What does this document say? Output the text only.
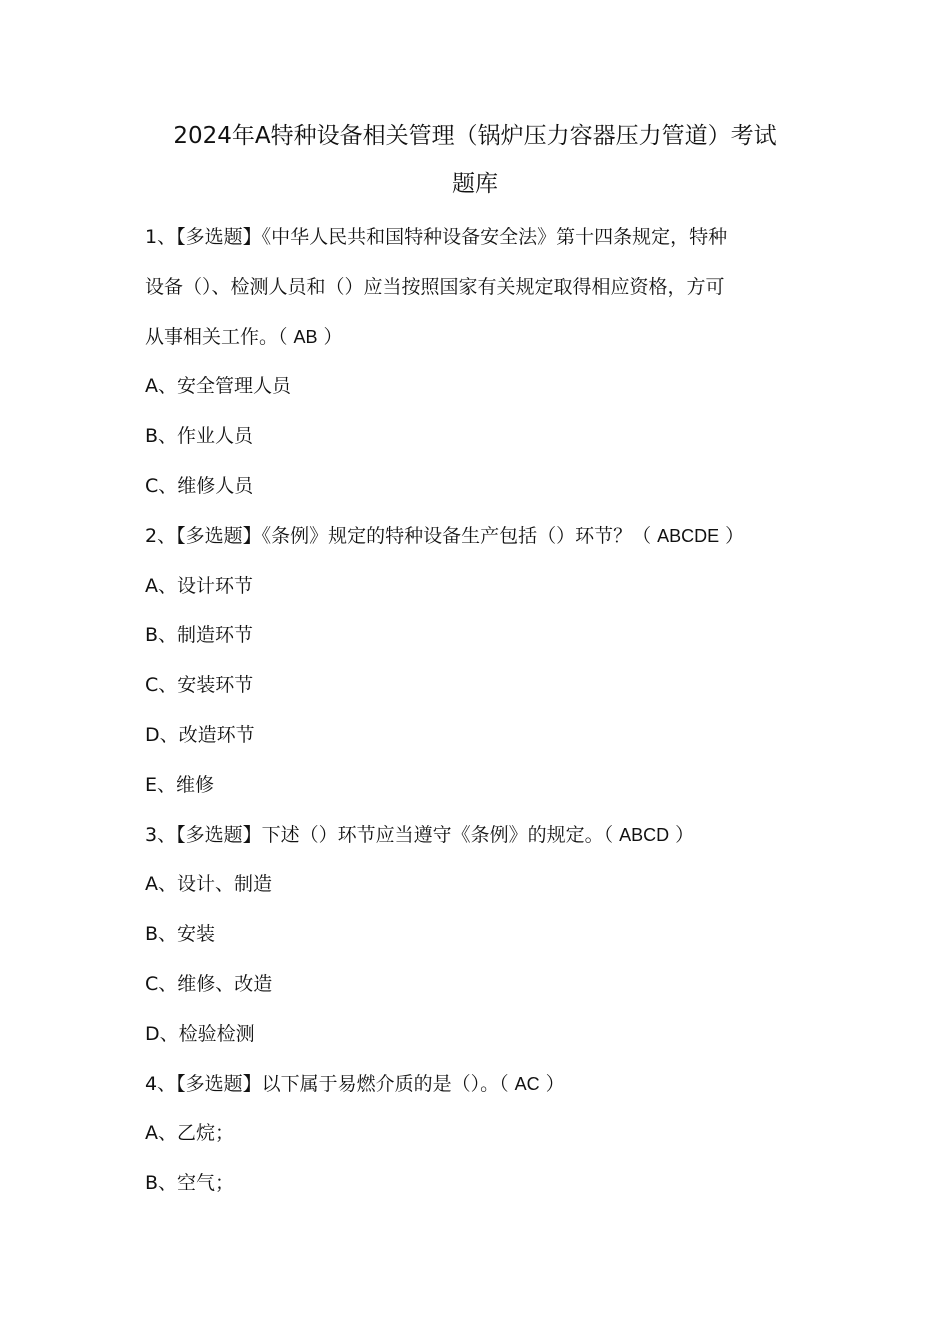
2024年A特种设备相关管理（锅炉压力容器压力管道）考试
题库
1、【多选题】《中华人民共和国特种设备安全法》第十四条规定，特种
设备（）、检测人员和（）应当按照国家有关规定取得相应资格，方可
从事相关工作。（ AB ）
A、安全管理人员
B、作业人员
C、维修人员
2、【多选题】《条例》规定的特种设备生产包括（）环节？（ ABCDE ）
A、设计环节
B、制造环节
C、安装环节
D、改造环节
E、维修
3、【多选题】下述（）环节应当遵守《条例》的规定。（ ABCD ）
A、设计、制造
B、安装
C、维修、改造
D、检验检测
4、【多选题】以下属于易燃介质的是（）。（ AC ）
A、乙烷；
B、空气；
